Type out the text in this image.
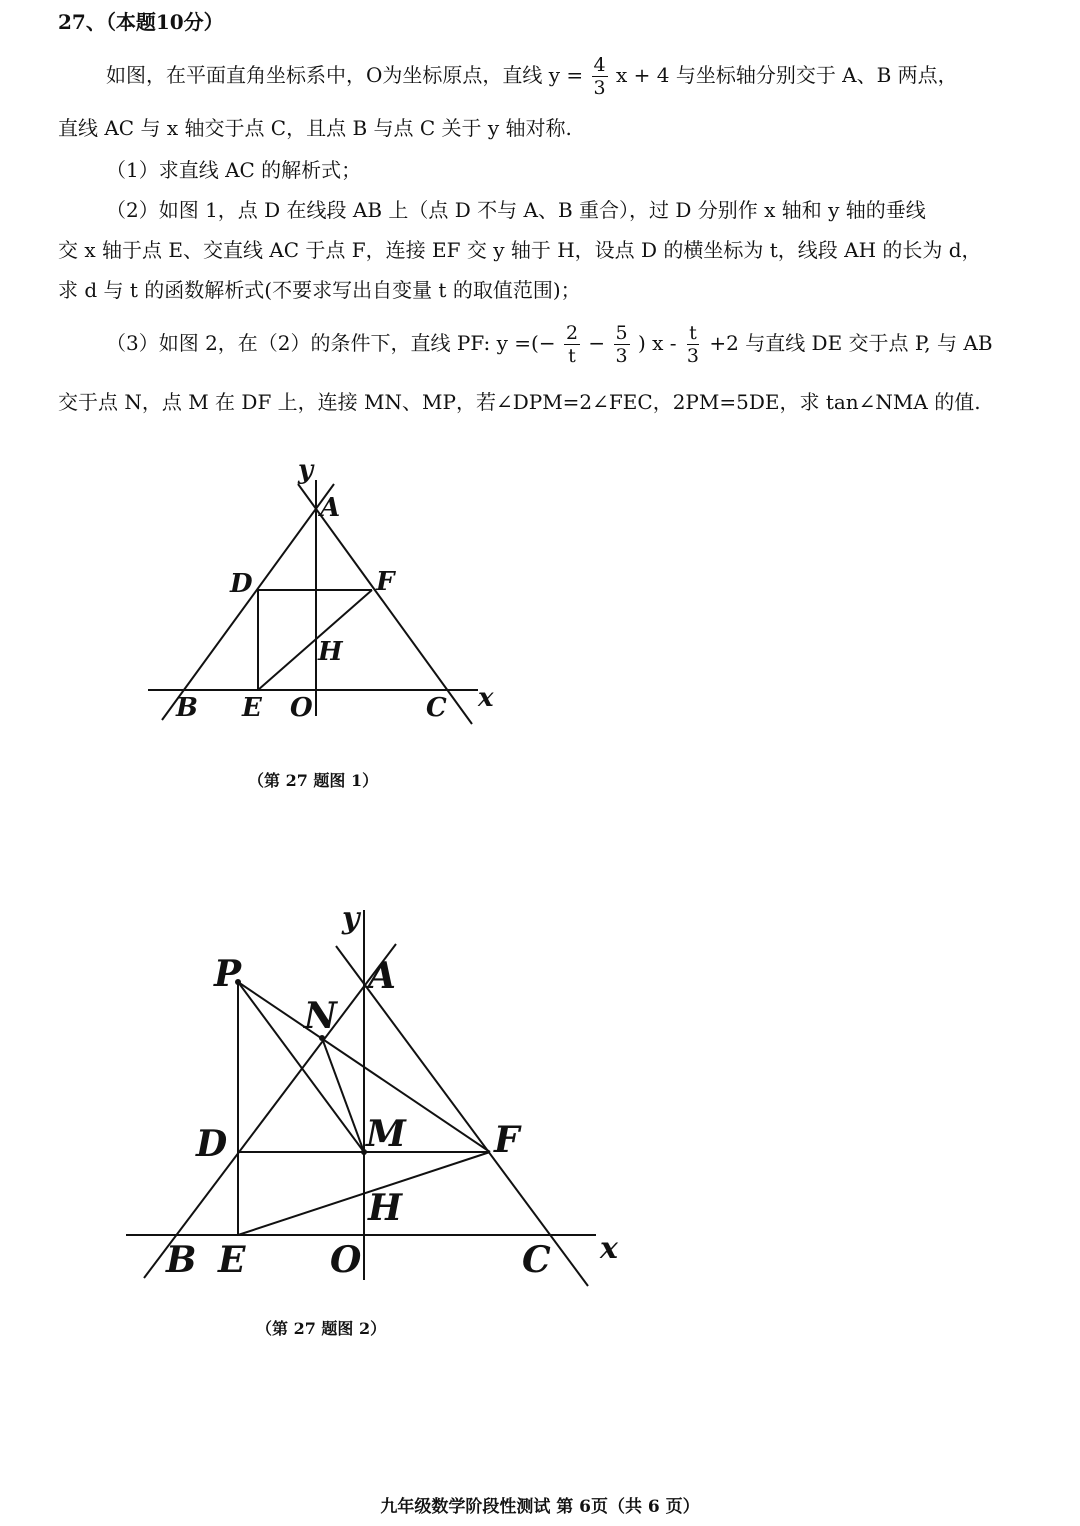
27、（本题10分）
如图，在平面直角坐标系中，O为坐标原点，直线 $y = \frac{4}{3}$ x + 4 与坐标轴分别交于 A、B 两点，
直线 AC 与 x 轴交于点 C，且点 B 与点 C 关于 y 轴对称.
（1）求直线 AC 的解析式；
（2）如图 1，点 D 在线段 AB 上（点 D 不与 A、B 重合），过 D 分别作 x 轴和 y 轴的垂线
交 x 轴于点 E、交直线 AC 于点 F，连接 EF 交 y 轴于 H，设点 D 的横坐标为 t，线段 AH 的长为 d，
求 d 与 t 的函数解析式(不要求写出自变量 t 的取值范围)；
（3）如图 2，在（2）的条件下，直线 PF: y =(− $\frac{2}{t} - \frac{5}{3}$ ) $x - \frac{t}{3} +2$ 与直线 DE 交于点 P, 与 AB
交于点 N，点 M 在 DF 上，连接 MN、MP，若∠DPM=2∠FEC，2PM=5DE，求 tan∠NMA 的值.
y
A
D	F
H
B E O	C x
（第 27 题图 1）
y
P	A
N
D	M F
H
B E O	C x
（第 27 题图 2）
九年级数学阶段性测试 第 6页（共 6 页）
